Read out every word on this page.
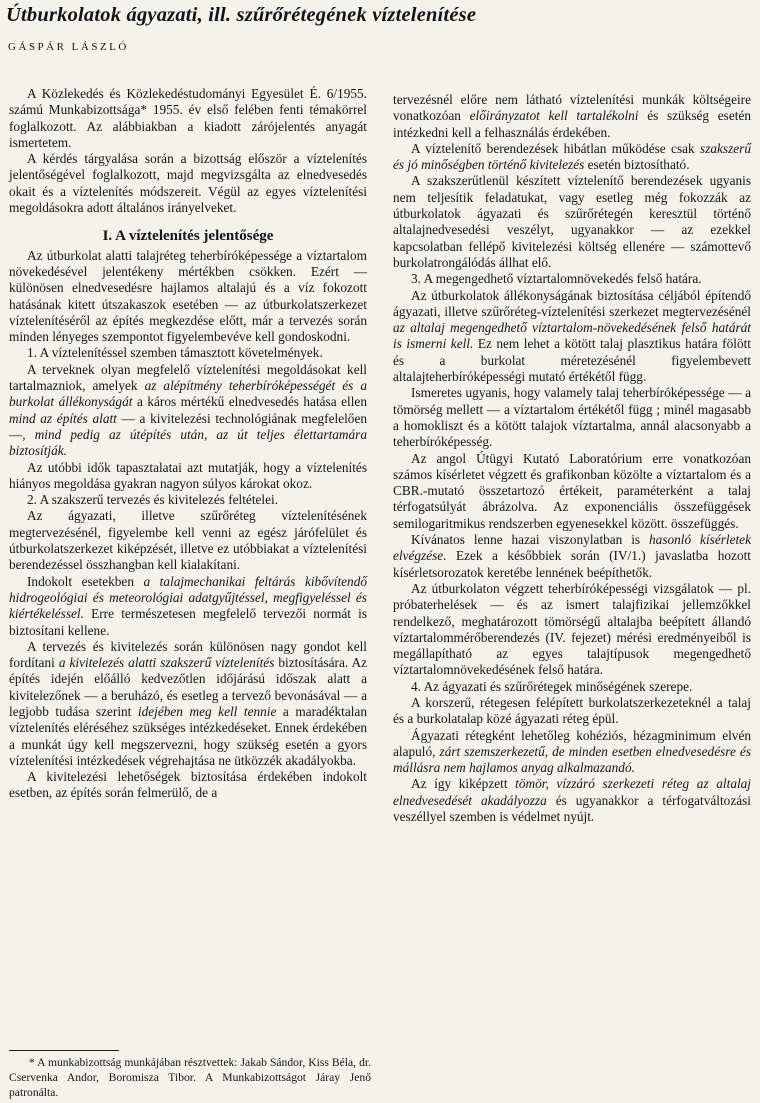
Útburkolatok ágyazati, ill. szűrőrétegének víztelenítése
GÁSPÁR LÁSZLÓ

A Közlekedés és Közlekedéstudományi Egyesület É. 6/1955. számú Munkabizottsága* 1955. év első felében fenti témakörrel foglalkozott. Az alábbiakban a kiadott zárójelentés anyagát ismertetem.

A kérdés tárgyalása során a bizottság először a víztelenítés jelentőségével foglalkozott, majd megvizsgálta az elnedvesedés okait és a víztelenítés módszereit. Végül az egyes víztelenítési megoldásokra adott általános irányelveket.

I. A víztelenítés jelentősége

Az útburkolat alatti talajréteg teherbíróképessége a víztartalom növekedésével jelentékeny mértékben csökken. Ezért — különösen elnedvesedésre hajlamos altalajú és a víz fokozott hatásának kitett útszakaszok esetében — az útburkolatszerkezet víztelenítéséről az építés megkezdése előtt, már a tervezés során minden lényeges szempontot figyelembevéve kell gondoskodni.

1. A víztelenítéssel szemben támasztott követelmények.

A terveknek olyan megfelelő víztelenítési megoldásokat kell tartalmazniok, amelyek az alépítmény teherbíróképességét és a burkolat állékonyságát a káros mértékű elnedvesedés hatása ellen mind az építés alatt — a kivitelezési technológiának megfelelően—, mind pedig az útépítés után, az út teljes élettartamára biztosítják.

Az utóbbi idők tapasztalatai azt mutatják, hogy a víztelenítés hiányos megoldása gyakran nagyon súlyos károkat okoz.

2. A szakszerű tervezés és kivitelezés feltételei.

Az ágyazati, illetve szűrőréteg víztelenítésének megtervezésénél, figyelembe kell venni az egész járófelület és útburkolatszerkezet kiképzését, illetve ez utóbbiakat a víztelenítési berendezéssel összhangban kell kialakítani.

Indokolt esetekben a talajmechanikai feltárás kibővítendő hidrogeológiai és meteorológiai adatgyűjtéssel, megfigyeléssel és kiértékeléssel. Erre természetesen megfelelő tervezői normát is biztosítani kellene.

A tervezés és kivitelezés során különösen nagy gondot kell fordítani a kivitelezés alatti szakszerű víztelenítés biztosítására. Az építés idején előálló kedvezőtlen időjárású időszak alatt a kivitelezőnek — a beruházó, és esetleg a tervező bevonásával — a legjobb tudása szerint idejében meg kell tennie a maradéktalan víztelenítés eléréséhez szükséges intézkedéseket. Ennek érdekében a munkát úgy kell megszervezni, hogy szükség esetén a gyors víztelenítési intézkedések végrehajtása ne ütközzék akadályokba.

A kivitelezési lehetőségek biztosítása érdekében indokolt esetben, az építés során felmerülő, de a

tervezésnél előre nem látható víztelenítési munkák költségeire vonatkozóan előirányzatot kell tartalékolni és szükség esetén intézkedni kell a felhasználás érdekében.

A víztelenítő berendezések hibátlan működése csak szakszerű és jó minőségben történő kivitelezés esetén biztosítható.

A szakszerűtlenül készített víztelenítő berendezések ugyanis nem teljesítik feladatukat, vagy esetleg még fokozzák az útburkolatok ágyazati és szűrőrétegén keresztül történő altalajnedvesedési veszélyt, ugyanakkor — az ezekkel kapcsolatban fellépő kivitelezési költség ellenére — számottevő burkolatrongálódás állhat elő.

3. A megengedhető víztartalomnövekedés felső határa.

Az útburkolatok állékonyságának biztosítása céljából építendő ágyazati, illetve szűrőréteg-víztelenítési szerkezet megtervezésénél az altalaj megengedhető víztartalom-növekedésének felső határát is ismerni kell. Ez nem lehet a kötött talaj plasztikus határa fölött és a burkolat méretezésénél figyelembevett altalajteherbíróképességi mutató értékétől függ.

Ismeretes ugyanis, hogy valamely talaj teherbíróképessége — a tömörség mellett — a víztartalom értékétől függ ; minél magasabb a homokliszt és a kötött talajok víztartalma, annál alacsonyabb a teherbíróképesség.

Az angol Útügyi Kutató Laboratórium erre vonatkozóan számos kísérletet végzett és grafikonban közölte a víztartalom és a CBR.-mutató összetartozó értékeit, paraméterként a talaj térfogatsúlyát ábrázolva. Az exponenciális összefüggések semilogaritmikus rendszerben egyenesekkel között. összefüggés.

Kívánatos lenne hazai viszonylatban is hasonló kísérletek elvégzése. Ezek a későbbiek során (IV/1.) javaslatba hozott kísérletsorozatok keretébe lennének beépíthetők.

Az útburkolaton végzett teherbíróképességi vizsgálatok — pl. próbaterhelések — és az ismert talajfizikai jellemzőkkel rendelkező, meghatározott tömörségű altalajba beépített állandó víztartalommérőberendezés (IV. fejezet) mérési eredményeiből is megállapítható az egyes talajtípusok megengedhető víztartalomnövekedésének felső határa.

4. Az ágyazati és szűrőrétegek minőségének szerepe.

A korszerű, rétegesen felépített burkolatszerkezeteknél a talaj és a burkolatalap közé ágyazati réteg épül.

Ágyazati rétegként lehetőleg kohéziós, hézagminimum elvén alapuló, zárt szemszerkezetű, de minden esetben elnedvesedésre és mállásra nem hajlamos anyag alkalmazandó.

Az így kiképzett tömör, vízzáró szerkezeti réteg az altalaj elnedvesedését akadályozza és ugyanakkor a térfogatváltozási veszéllyel szemben is védelmet nyújt.

* A munkabizottság munkájában résztvettek: Jakab Sándor, Kiss Béla, dr. Cservenka Andor, Boromisza Tibor. A Munkabizottságot Járay Jenő patronálta.
